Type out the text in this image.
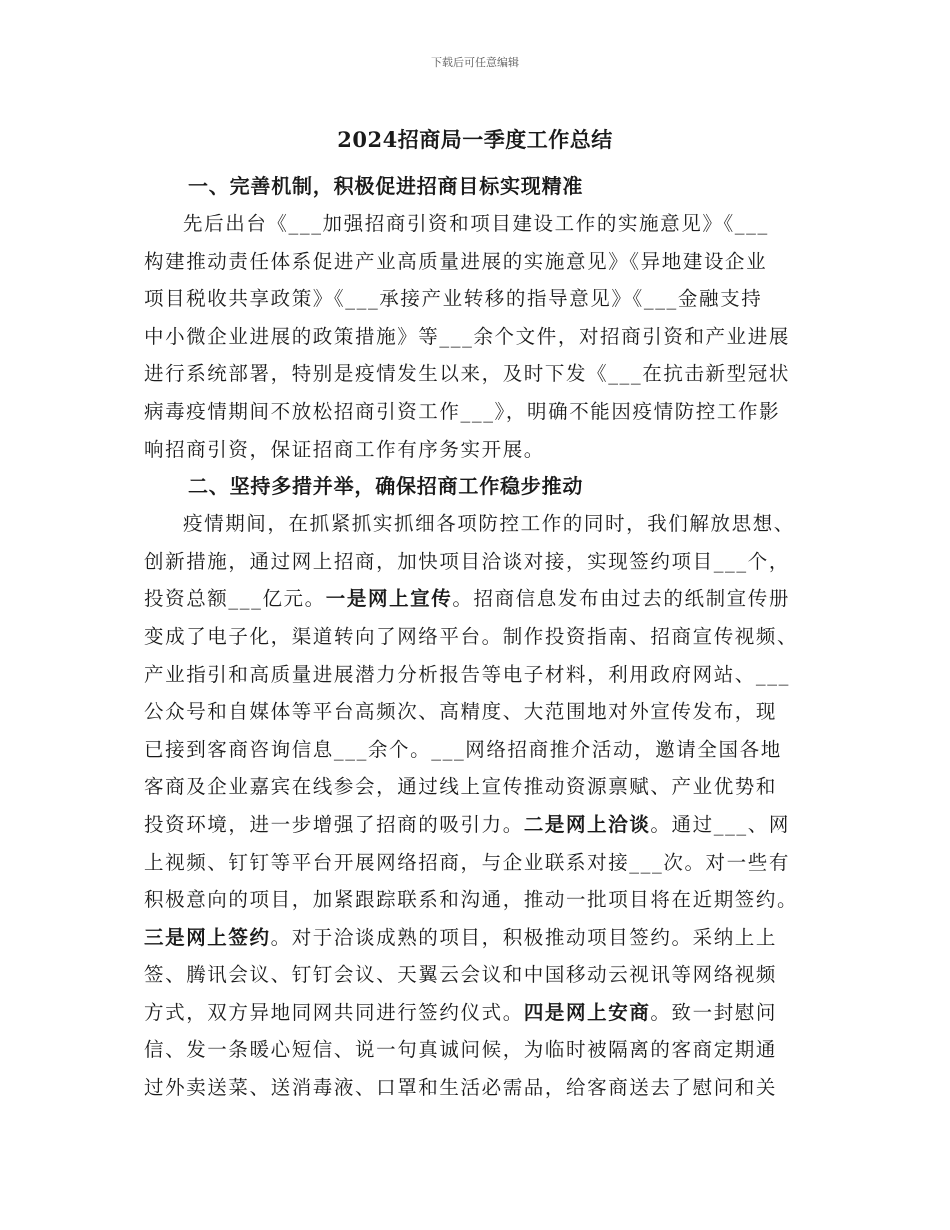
下载后可任意编辑
2024招商局一季度工作总结
一、完善机制，积极促进招商目标实现精准

先后出台《___加强招商引资和项目建设工作的实施意见》《___
构建推动责任体系促进产业高质量进展的实施意见》《异地建设企业
项目税收共享政策》《___承接产业转移的指导意见》《___金融支持
中小微企业进展的政策措施》等___余个文件，对招商引资和产业进展
进行系统部署，特别是疫情发生以来，及时下发《___在抗击新型冠状
病毒疫情期间不放松招商引资工作___》，明确不能因疫情防控工作影
响招商引资，保证招商工作有序务实开展。

二、坚持多措并举，确保招商工作稳步推动

疫情期间，在抓紧抓实抓细各项防控工作的同时，我们解放思想、
创新措施，通过网上招商，加快项目洽谈对接，实现签约项目___个，
投资总额___亿元。一是网上宣传。招商信息发布由过去的纸制宣传册
变成了电子化，渠道转向了网络平台。制作投资指南、招商宣传视频、
产业指引和高质量进展潜力分析报告等电子材料，利用政府网站、___
公众号和自媒体等平台高频次、高精度、大范围地对外宣传发布，现
已接到客商咨询信息___余个。___网络招商推介活动，邀请全国各地
客商及企业嘉宾在线参会，通过线上宣传推动资源禀赋、产业优势和
投资环境，进一步增强了招商的吸引力。二是网上洽谈。通过___、网
上视频、钉钉等平台开展网络招商，与企业联系对接___次。对一些有
积极意向的项目，加紧跟踪联系和沟通，推动一批项目将在近期签约。
三是网上签约。对于洽谈成熟的项目，积极推动项目签约。采纳上上
签、腾讯会议、钉钉会议、天翼云会议和中国移动云视讯等网络视频
方式，双方异地同网共同进行签约仪式。四是网上安商。致一封慰问
信、发一条暖心短信、说一句真诚问候，为临时被隔离的客商定期通
过外卖送菜、送消毒液、口罩和生活必需品，给客商送去了慰问和关
